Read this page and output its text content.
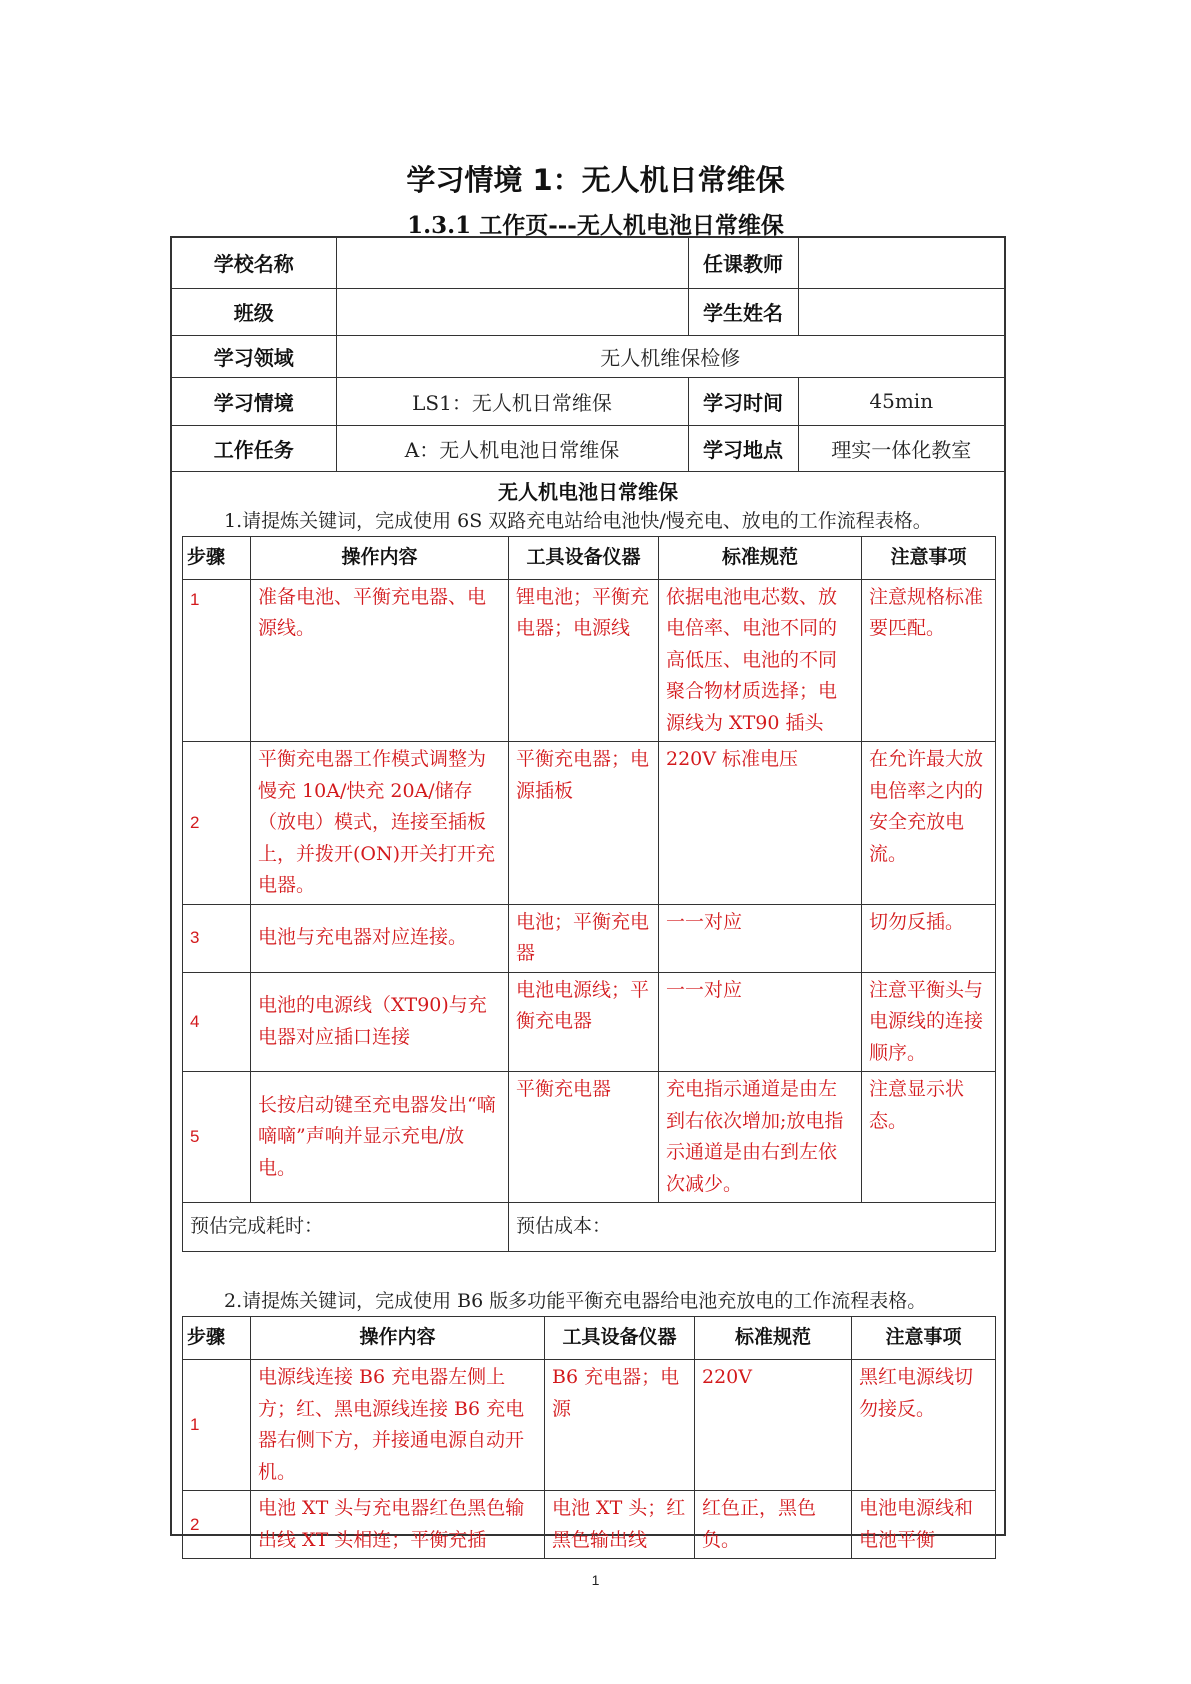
学习情境 1：无人机日常维保
1.3.1 工作页---无人机电池日常维保
学校名称		任课教师	
班级		学生姓名	
学习领域	无人机维保检修		
学习情境	LS1：无人机日常维保	学习时间	45min
工作任务	A：无人机电池日常维保	学习地点	理实一体化教室
无人机电池日常维保
1.请提炼关键词，完成使用 6S 双路充电站给电池快/慢充电、放电的工作流程表格。
步骤	操作内容	工具设备仪器	标准规范	注意事项
1	准备电池、平衡充电器、电源线。	锂电池；平衡充电器；电源线	依据电池电芯数、放电倍率、电池不同的高低压、电池的不同聚合物材质选择；电源线为 XT90 插头	注意规格标准要匹配。
2	平衡充电器工作模式调整为慢充 10A/快充 20A/储存（放电）模式，连接至插板上，并拨开(ON)开关打开充电器。	平衡充电器；电源插板	220V 标准电压	在允许最大放电倍率之内的安全充放电流。
3	电池与充电器对应连接。	电池；平衡充电器	一一对应	切勿反插。
4	电池的电源线（XT90)与充电器对应插口连接	电池电源线；平衡充电器	一一对应	注意平衡头与电源线的连接顺序。
5	长按启动键至充电器发出“嘀嘀嘀”声响并显示充电/放电。	平衡充电器	充电指示通道是由左到右依次增加;放电指示通道是由右到左依次减少。	注意显示状态。
预估完成耗时：		预估成本：		
2.请提炼关键词，完成使用 B6 版多功能平衡充电器给电池充放电的工作流程表格。
步骤	操作内容	工具设备仪器	标准规范	注意事项
1	电源线连接 B6 充电器左侧上方；红、黑电源线连接 B6 充电器右侧下方，并接通电源自动开机。	B6 充电器；电源	220V	黑红电源线切勿接反。
2	电池 XT 头与充电器红色黑色输出线 XT 头相连；平衡充插	电池 XT 头；红黑色输出线	红色正，黑色负。	电池电源线和电池平衡
1
